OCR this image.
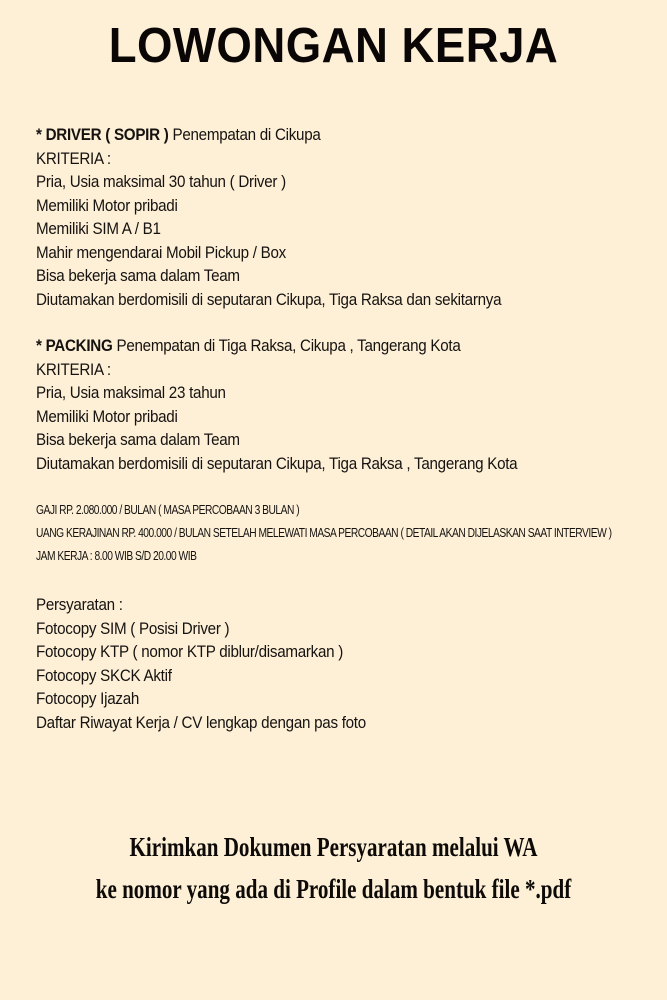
LOWONGAN KERJA
* DRIVER ( SOPIR ) Penempatan di Cikupa
KRITERIA :
Pria, Usia maksimal 30 tahun ( Driver )
Memiliki Motor pribadi
Memiliki SIM A / B1
Mahir mengendarai Mobil Pickup / Box
Bisa bekerja sama dalam Team
Diutamakan berdomisili di seputaran Cikupa, Tiga Raksa dan sekitarnya
* PACKING Penempatan di Tiga Raksa, Cikupa , Tangerang Kota
KRITERIA :
Pria, Usia maksimal 23 tahun
Memiliki Motor pribadi
Bisa bekerja sama dalam Team
Diutamakan berdomisili di seputaran Cikupa, Tiga Raksa , Tangerang Kota
GAJI RP. 2.080.000 / BULAN ( MASA PERCOBAAN 3 BULAN )
UANG KERAJINAN RP. 400.000 / BULAN SETELAH MELEWATI MASA PERCOBAAN ( DETAIL AKAN DIJELASKAN SAAT INTERVIEW )
JAM KERJA : 8.00 WIB S/D 20.00 WIB
Persyaratan :
Fotocopy SIM ( Posisi Driver )
Fotocopy KTP ( nomor KTP diblur/disamarkan )
Fotocopy SKCK Aktif
Fotocopy Ijazah
Daftar Riwayat Kerja / CV lengkap dengan pas foto
Kirimkan Dokumen Persyaratan melalui WA
ke nomor yang ada di Profile dalam bentuk file *.pdf
